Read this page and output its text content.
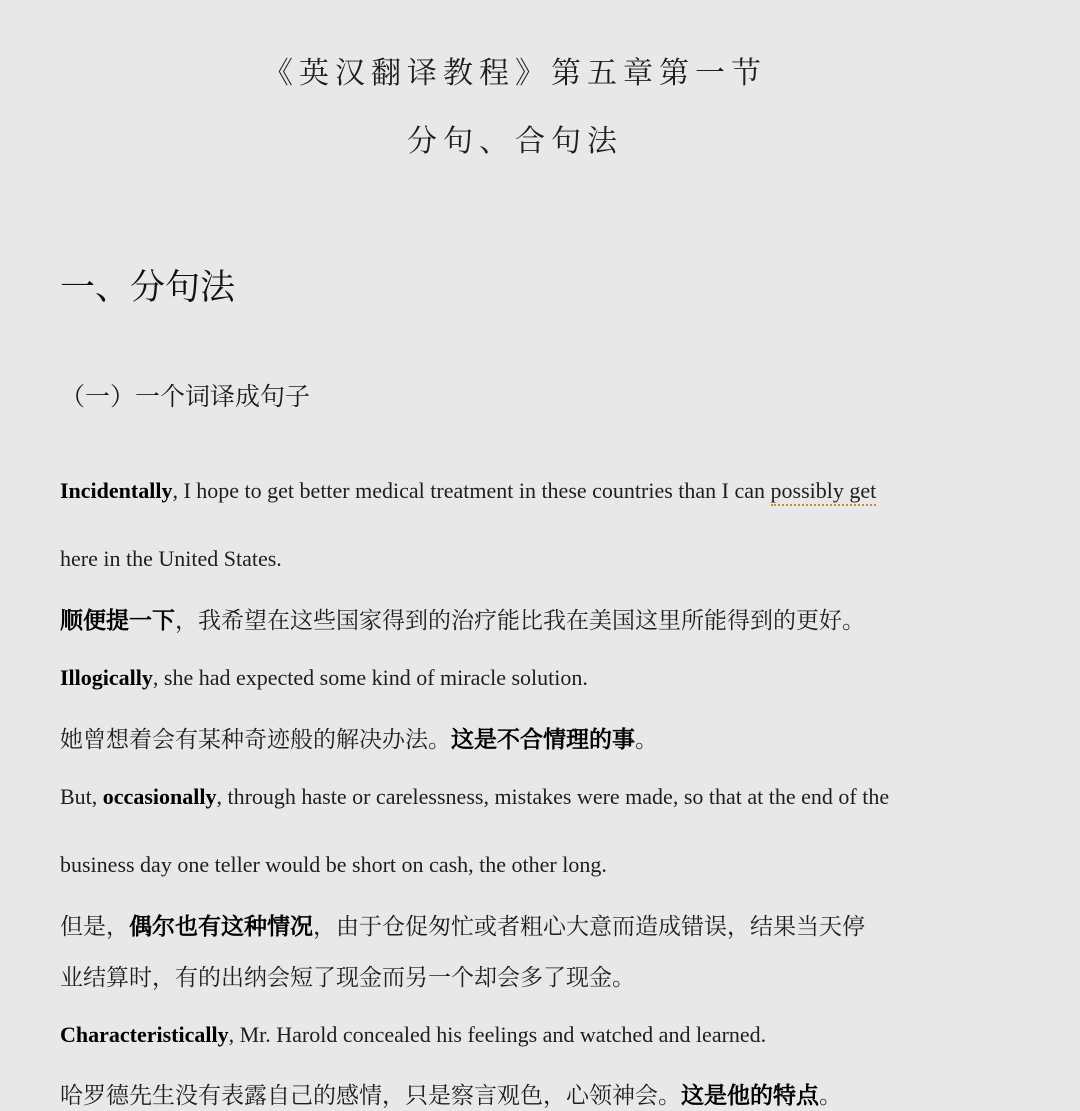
《英汉翻译教程》第五章第一节
分句、合句法
一、分句法
（一）一个词译成句子
Incidentally, I hope to get better medical treatment in these countries than I can possibly get
here in the United States.
顺便提一下，我希望在这些国家得到的治疗能比我在美国这里所能得到的更好。
Illogically, she had expected some kind of miracle solution.
她曾想着会有某种奇迹般的解决办法。这是不合情理的事。
But, occasionally, through haste or carelessness, mistakes were made, so that at the end of the
business day one teller would be short on cash, the other long.
但是，偶尔也有这种情况，由于仓促匆忙或者粗心大意而造成错误，结果当天停
业结算时，有的出纳会短了现金而另一个却会多了现金。
Characteristically, Mr. Harold concealed his feelings and watched and learned.
哈罗德先生没有表露自己的感情，只是察言观色，心领神会。这是他的特点。
